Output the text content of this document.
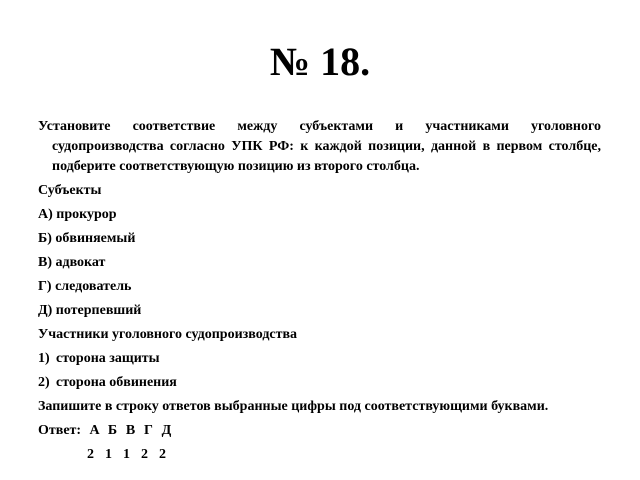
№ 18.

Установите соответствие между субъектами и участниками уголовного судопроизводства согласно УПК РФ: к каждой позиции, данной в первом столбце, подберите соответствующую позицию из второго столбца.

Субъекты

А) прокурор

Б) обвиняемый

В) адвокат

Г) следователь

Д) потерпевший

Участники уголовного судопроизводства

1) сторона защиты
2) сторона обвинения

Запишите в строку ответов выбранные цифры под соответствующими буквами.

Ответ: А Б В Г Д
2 1 1 2 2
